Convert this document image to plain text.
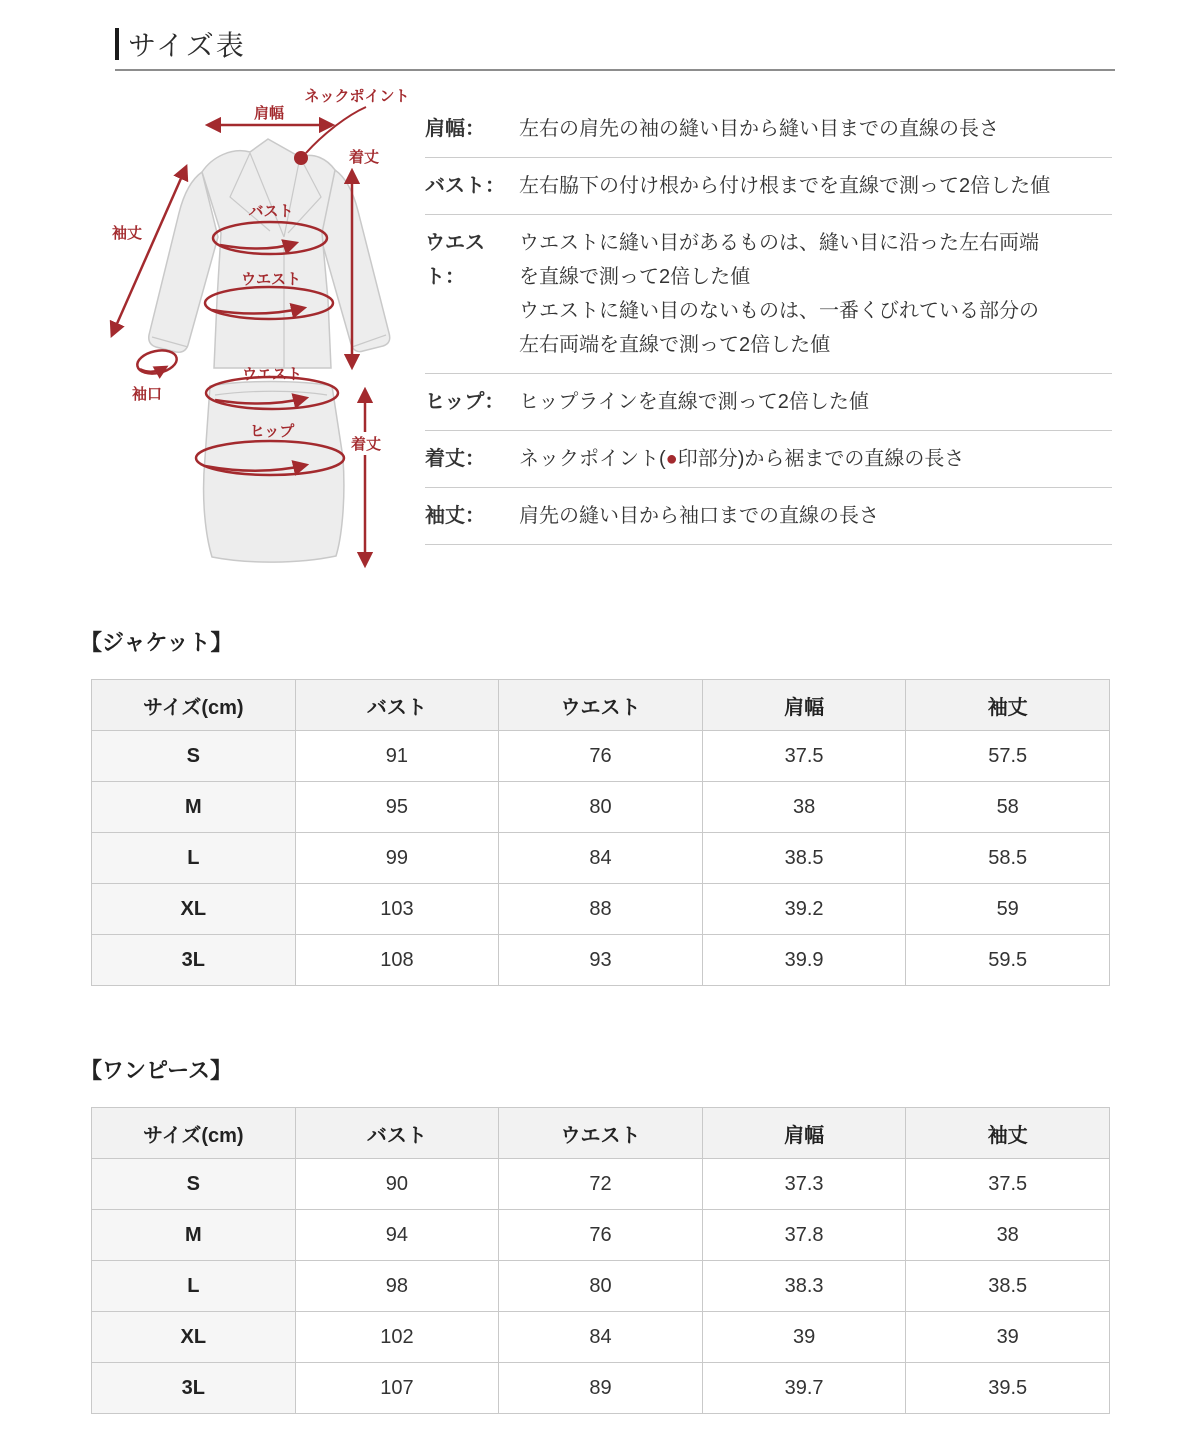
サイズ表
肩幅
ネックポイント
着丈
袖丈
バスト
ウエスト
袖口
ウエスト
ヒップ
着丈
肩幅：	左右の肩先の袖の縫い目から縫い目までの直線の長さ
バスト： 左右脇下の付け根から付け根までを直線で測って2倍した値
ウエスト：
ウエストに縫い目があるものは、縫い目に沿った左右両端
を直線で測って2倍した値
ウエストに縫い目のないものは、一番くびれている部分の
左右両端を直線で測って2倍した値
ヒップ： ヒップラインを直線で測って2倍した値
着丈：	ネックポイント(●印部分)から裾までの直線の長さ
袖丈：	肩先の縫い目から袖口までの直線の長さ
【ジャケット】
サイズ(cm)	バスト	ウエスト	肩幅	袖丈
S	91	76	37.5	57.5
M	95	80	38	58
L	99	84	38.5	58.5
XL	103	88	39.2	59
3L	108	93	39.9	59.5
【ワンピース】
サイズ(cm)	バスト	ウエスト	肩幅	袖丈
S	90	72	37.3	37.5
M	94	76	37.8	38
L	98	80	38.3	38.5
XL	102	84	39	39
3L	107	89	39.7	39.5
